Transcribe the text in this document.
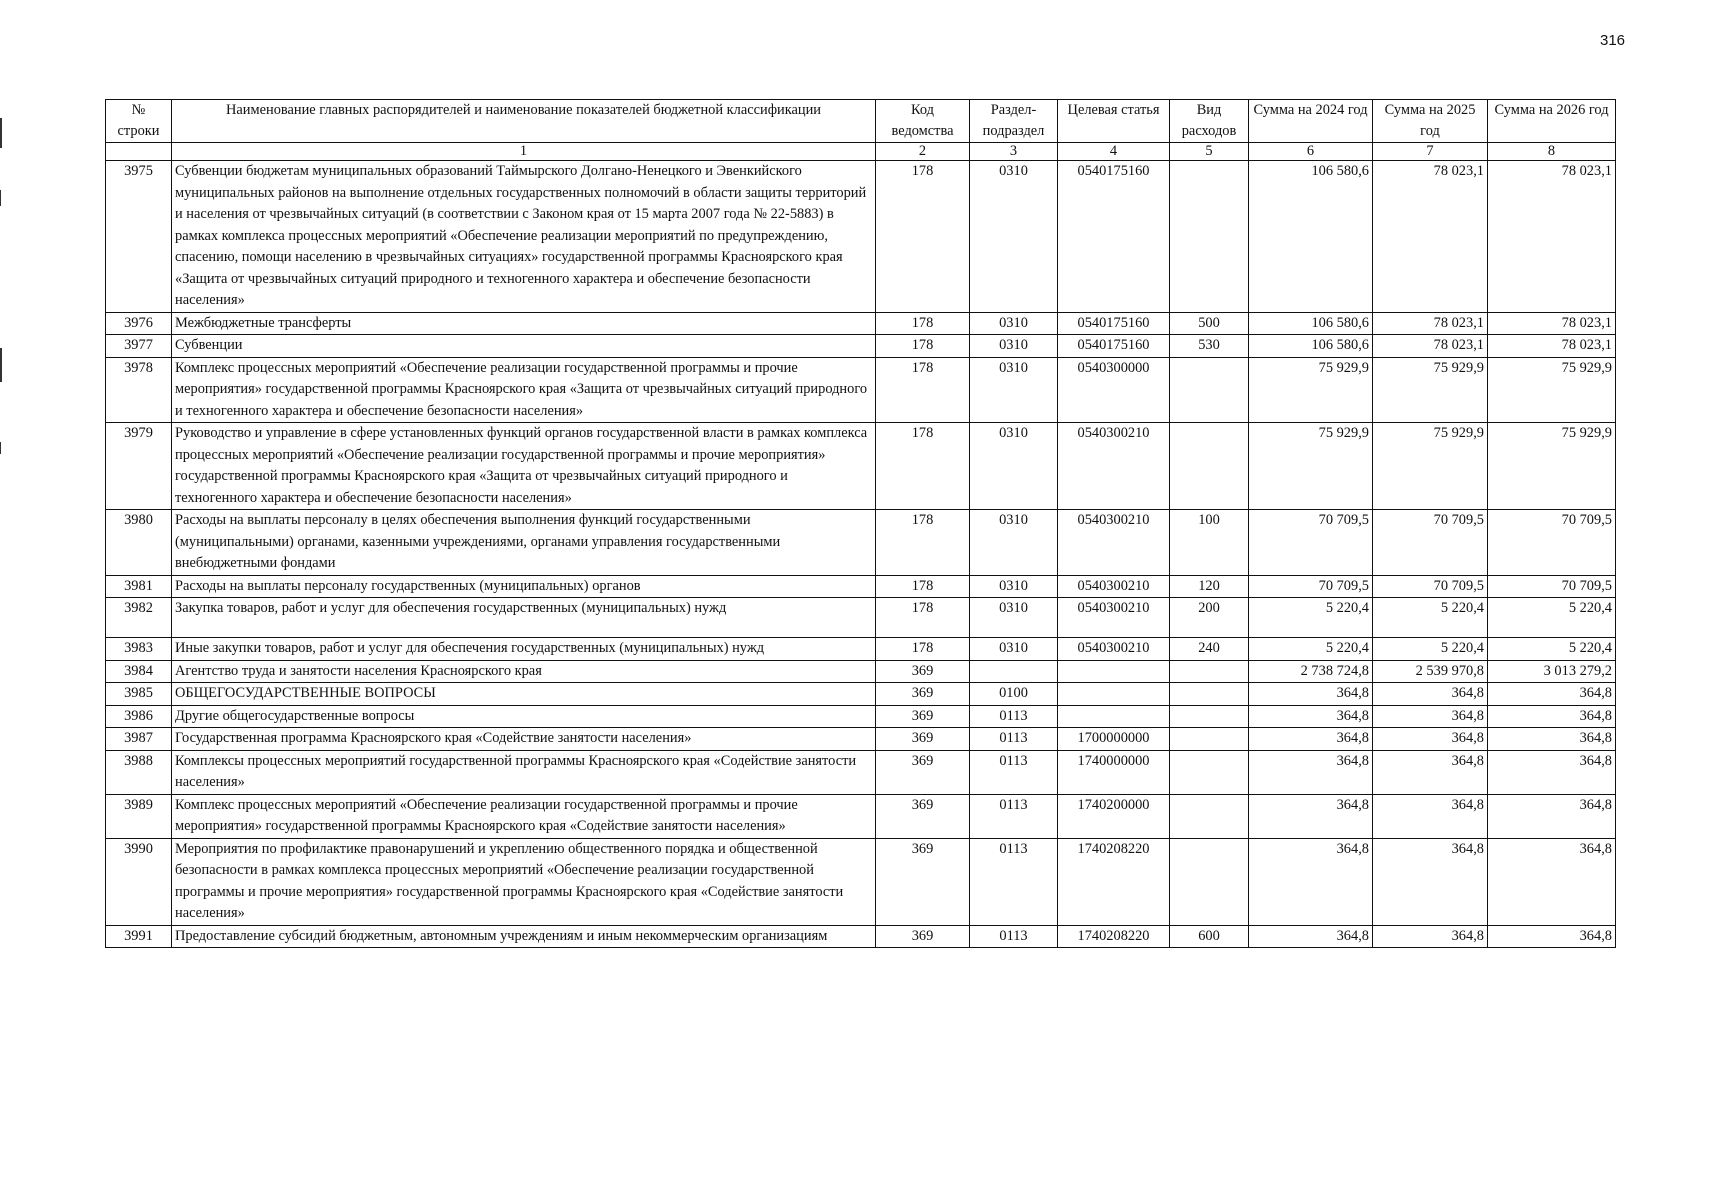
316
№ строки	Наименование главных распорядителей и наименование показателей бюджетной классификации	Код ведомства	Раздел-подраздел	Целевая статья	Вид расходов	Сумма на 2024 год	Сумма на 2025 год	Сумма на 2026 год
	1	2	3	4	5	6	7	8
3975	Субвенции бюджетам муниципальных образований Таймырского Долгано-Ненецкого и Эвенкийского муниципальных районов на выполнение отдельных государственных полномочий в области защиты территорий и населения от чрезвычайных ситуаций (в соответствии с Законом края от 15 марта 2007 года № 22-5883) в рамках комплекса процессных мероприятий «Обеспечение реализации мероприятий по предупреждению, спасению, помощи населению в чрезвычайных ситуациях» государственной программы Красноярского края «Защита от чрезвычайных ситуаций природного и техногенного характера и обеспечение безопасности населения»	178	0310	0540175160		106 580,6	78 023,1	78 023,1
3976	Межбюджетные трансферты	178	0310	0540175160	500	106 580,6	78 023,1	78 023,1
3977	Субвенции	178	0310	0540175160	530	106 580,6	78 023,1	78 023,1
3978	Комплекс процессных мероприятий «Обеспечение реализации государственной программы и прочие мероприятия» государственной программы Красноярского края «Защита от чрезвычайных ситуаций природного и техногенного характера и обеспечение безопасности населения»	178	0310	0540300000		75 929,9	75 929,9	75 929,9
3979	Руководство и управление в сфере установленных функций органов государственной власти в рамках комплекса процессных мероприятий «Обеспечение реализации государственной программы и прочие мероприятия» государственной программы Красноярского края «Защита от чрезвычайных ситуаций природного и техногенного характера и обеспечение безопасности населения»	178	0310	0540300210		75 929,9	75 929,9	75 929,9
3980	Расходы на выплаты персоналу в целях обеспечения выполнения функций государственными (муниципальными) органами, казенными учреждениями, органами управления государственными внебюджетными фондами	178	0310	0540300210	100	70 709,5	70 709,5	70 709,5
3981	Расходы на выплаты персоналу государственных (муниципальных) органов	178	0310	0540300210	120	70 709,5	70 709,5	70 709,5
3982	Закупка товаров, работ и услуг для обеспечения государственных (муниципальных) нужд	178	0310	0540300210	200	5 220,4	5 220,4	5 220,4
3983	Иные закупки товаров, работ и услуг для обеспечения государственных (муниципальных) нужд	178	0310	0540300210	240	5 220,4	5 220,4	5 220,4
3984	Агентство труда и занятости населения Красноярского края	369				2 738 724,8	2 539 970,8	3 013 279,2
3985	ОБЩЕГОСУДАРСТВЕННЫЕ ВОПРОСЫ	369	0100			364,8	364,8	364,8
3986	Другие общегосударственные вопросы	369	0113			364,8	364,8	364,8
3987	Государственная программа Красноярского края «Содействие занятости населения»	369	0113	1700000000		364,8	364,8	364,8
3988	Комплексы процессных мероприятий государственной программы Красноярского края «Содействие занятости населения»	369	0113	1740000000		364,8	364,8	364,8
3989	Комплекс процессных мероприятий «Обеспечение реализации государственной программы и прочие мероприятия» государственной программы Красноярского края «Содействие занятости населения»	369	0113	1740200000		364,8	364,8	364,8
3990	Мероприятия по профилактике правонарушений и укреплению общественного порядка и общественной безопасности в рамках комплекса процессных мероприятий «Обеспечение реализации государственной программы и прочие мероприятия» государственной программы Красноярского края «Содействие занятости населения»	369	0113	1740208220		364,8	364,8	364,8
3991	Предоставление субсидий бюджетным, автономным учреждениям и иным некоммерческим организациям	369	0113	1740208220	600	364,8	364,8	364,8
